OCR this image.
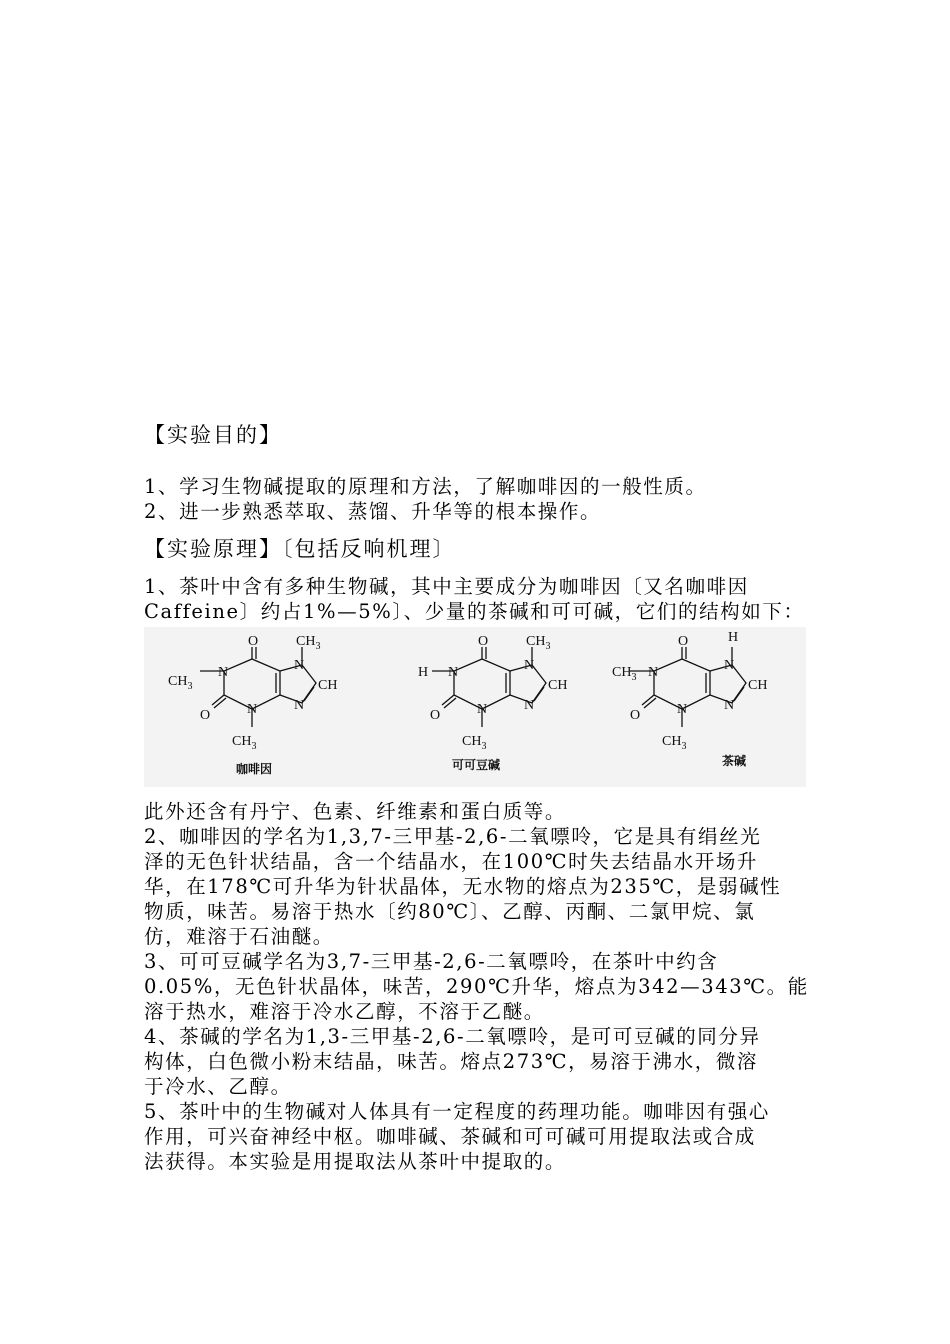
【实验目的】
1、学习生物碱提取的原理和方法，了解咖啡因的一般性质。
2、进一步熟悉萃取、蒸馏、升华等的根本操作。
【实验原理】〔包括反响机理〕
1、茶叶中含有多种生物碱，其中主要成分为咖啡因〔又名咖啡因
Caffeine〕约占1%—5%〕、少量的茶碱和可可碱，它们的结构如下：
O	$CH_3$
N
CH
N
$CH_3$
N
O	N
$CH_3$
O	$CH_3$
N
CH
N
H N
O	N
$CH_3$
O	H
N
CH
N
$CH_3$ N
O	N
$CH_3$
咖啡因	可可豆碱	茶碱
此外还含有丹宁、色素、纤维素和蛋白质等。
2、咖啡因的学名为1,3,7-三甲基-2,6-二氧嘌呤，它是具有绢丝光
泽的无色针状结晶，含一个结晶水，在100℃时失去结晶水开场升
华，在178℃可升华为针状晶体，无水物的熔点为235℃，是弱碱性
物质，味苦。易溶于热水〔约80℃〕、乙醇、丙酮、二氯甲烷、氯
仿，难溶于石油醚。
3、可可豆碱学名为3,7-三甲基-2,6-二氧嘌呤，在茶叶中约含
0.05%，无色针状晶体，味苦，290℃升华，熔点为342—343℃。能
溶于热水，难溶于冷水乙醇，不溶于乙醚。
4、茶碱的学名为1,3-三甲基-2,6-二氧嘌呤，是可可豆碱的同分异
构体，白色微小粉末结晶，味苦。熔点273℃，易溶于沸水，微溶
于冷水、乙醇。
5、茶叶中的生物碱对人体具有一定程度的药理功能。咖啡因有强心
作用，可兴奋神经中枢。咖啡碱、茶碱和可可碱可用提取法或合成
法获得。本实验是用提取法从茶叶中提取的。
